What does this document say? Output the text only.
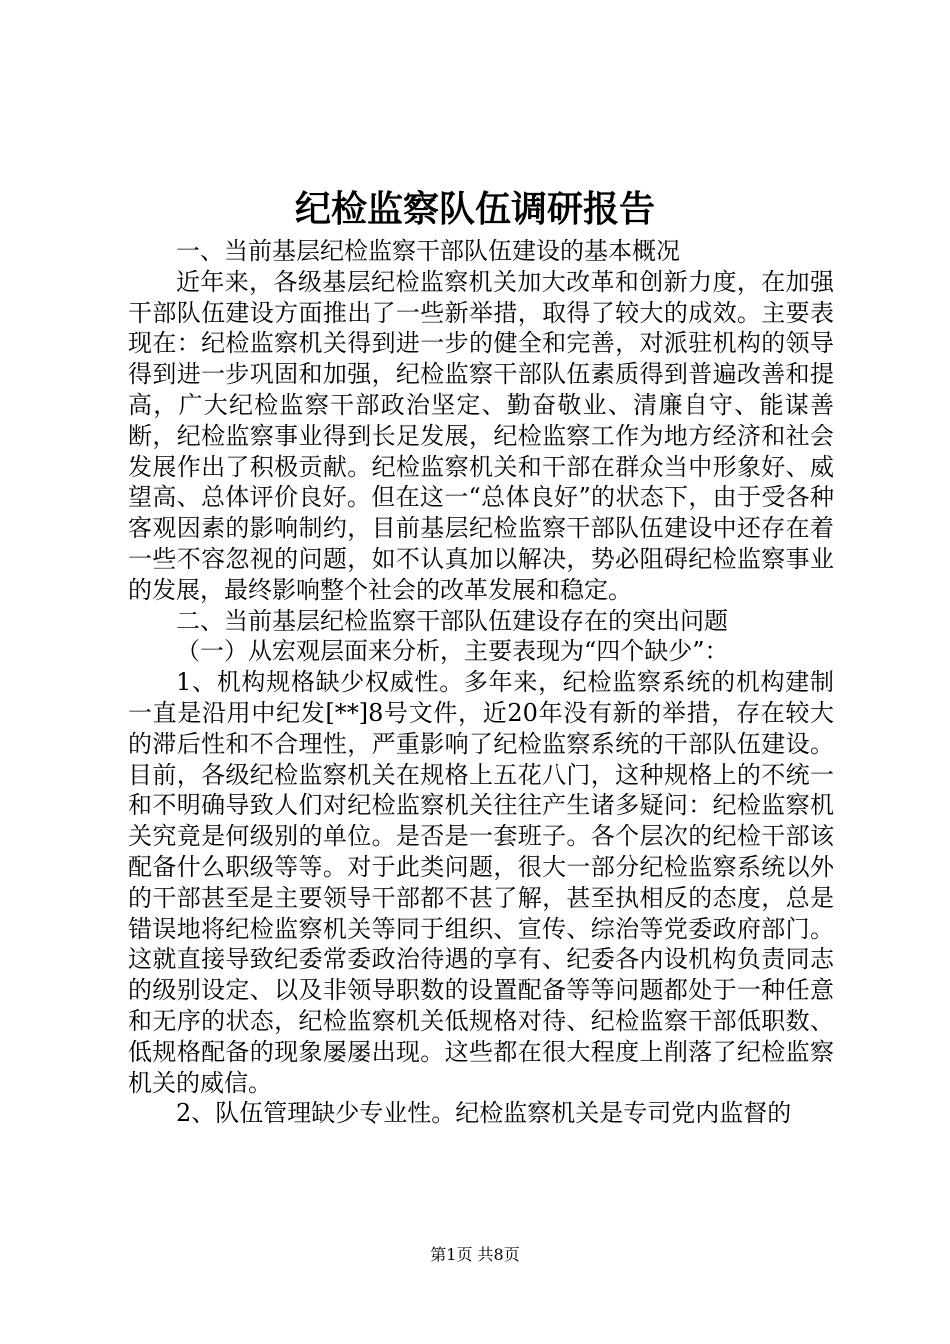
纪检监察队伍调研报告

一、当前基层纪检监察干部队伍建设的基本概况

近年来，各级基层纪检监察机关加大改革和创新力度，在加强干部队伍建设方面推出了一些新举措，取得了较大的成效。主要表现在：纪检监察机关得到进一步的健全和完善，对派驻机构的领导得到进一步巩固和加强，纪检监察干部队伍素质得到普遍改善和提高，广大纪检监察干部政治坚定、勤奋敬业、清廉自守、能谋善断，纪检监察事业得到长足发展，纪检监察工作为地方经济和社会发展作出了积极贡献。纪检监察机关和干部在群众当中形象好、威望高、总体评价良好。但在这一“总体良好”的状态下，由于受各种客观因素的影响制约，目前基层纪检监察干部队伍建设中还存在着一些不容忽视的问题，如不认真加以解决，势必阻碍纪检监察事业的发展，最终影响整个社会的改革发展和稳定。

二、当前基层纪检监察干部队伍建设存在的突出问题

（一）从宏观层面来分析，主要表现为“四个缺少”：

1、机构规格缺少权威性。多年来，纪检监察系统的机构建制一直是沿用中纪发[**]8号文件，近20年没有新的举措，存在较大的滞后性和不合理性，严重影响了纪检监察系统的干部队伍建设。目前，各级纪检监察机关在规格上五花八门，这种规格上的不统一和不明确导致人们对纪检监察机关往往产生诸多疑问：纪检监察机关究竟是何级别的单位。是否是一套班子。各个层次的纪检干部该配备什么职级等等。对于此类问题，很大一部分纪检监察系统以外的干部甚至是主要领导干部都不甚了解，甚至执相反的态度，总是错误地将纪检监察机关等同于组织、宣传、综治等党委政府部门。这就直接导致纪委常委政治待遇的享有、纪委各内设机构负责同志的级别设定、以及非领导职数的设置配备等等问题都处于一种任意和无序的状态，纪检监察机关低规格对待、纪检监察干部低职数、低规格配备的现象屡屡出现。这些都在很大程度上削落了纪检监察机关的威信。

2、队伍管理缺少专业性。纪检监察机关是专司党内监督的

第1页 共8页
